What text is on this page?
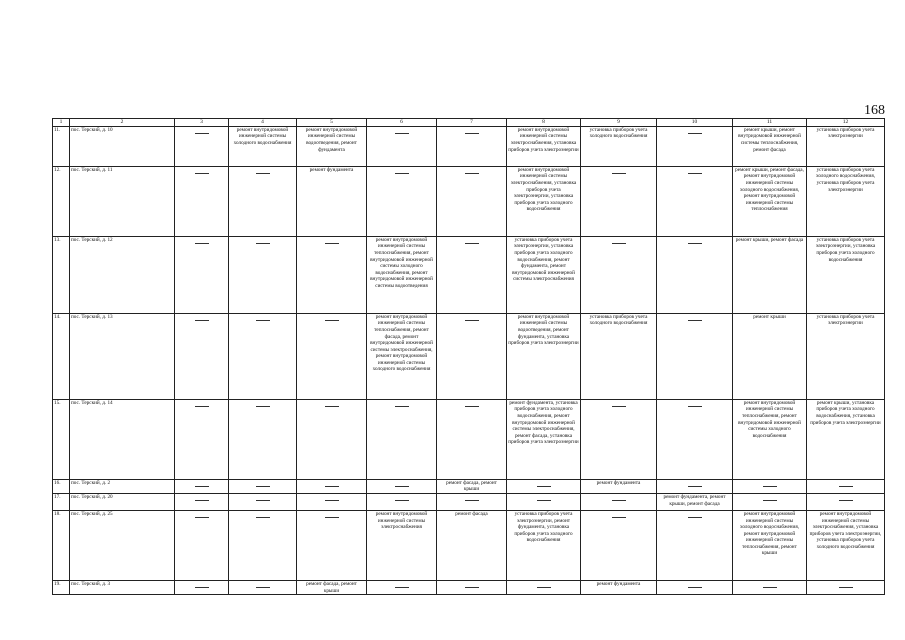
168
1	2	3	4	5	6	7	8	9	10	11	12
11.	пос. Терский, д. 10		ремонт внутридомовой инженерной системы холодного водоснабжения	ремонт внутридомовой инженерной системы водоотведения, ремонт фундамента			ремонт внутридомовой инженерной системы электроснабжения, установка приборов учета электроэнергии	установка приборов учета холодного водоснабжения		ремонт крыши, ремонт внутридомовой инженерной системы теплоснабжения, ремонт фасада	установка приборов учета электроэнергии
12.	пос. Терский, д. 11			ремонт фундамента			ремонт внутридомовой инженерной системы электроснабжения, установка приборов учета электроэнергии, установка приборов учета холодного водоснабжения			ремонт крыши, ремонт фасада, ремонт внутридомовой инженерной системы холодного водоснабжения, ремонт внутридомовой инженерной системы теплоснабжения	установка приборов учета холодного водоснабжения, установка приборов учета электроэнергии
13.	пос. Терский, д. 12				ремонт внутридомовой инженерной системы теплоснабжения, ремонт внутридомовой инженерной системы холодного водоснабжения, ремонт внутридомовой инженерной системы водоотведения		установка приборов учета электроэнергии, установка приборов учета холодного водоснабжения, ремонт фундамента, ремонт внутридомовой инженерной системы электроснабжения			ремонт крыши, ремонт фасада	установка приборов учета электроэнергии, установка приборов учета холодного водоснабжения
14.	пос. Терский, д. 13				ремонт внутридомовой инженерной системы теплоснабжения, ремонт фасада, ремонт внутридомовой инженерной системы электроснабжения, ремонт внутридомовой инженерной системы холодного водоснабжения		ремонт внутридомовой инженерной системы водоотведения, ремонт фундамента, установка приборов учета электроэнергии	установка приборов учета холодного водоснабжения		ремонт крыши	установка приборов учета электроэнергии
15.	пос. Терский, д. 14						ремонт фундамента, установка приборов учета холодного водоснабжения, ремонт внутридомовой инженерной системы электроснабжения, ремонт фасада, установка приборов учета электроэнергии			ремонт внутридомовой инженерной системы теплоснабжения, ремонт внутридомовой инженерной системы холодного водоснабжения	ремонт крыши, установка приборов учета холодного водоснабжения, установка приборов учета электроэнергии
16.	пос. Терский, д. 2					ремонт фасада, ремонт крыши		ремонт фундамента			
17.	пос. Терский, д. 20								ремонт фундамента, ремонт крыши, ремонт фасада		
18.	пос. Терский, д. 25				ремонт внутридомовой инженерной системы электроснабжения	ремонт фасада	установка приборов учета электроэнергии, ремонт фундамента, установка приборов учета холодного водоснабжения			ремонт внутридомовой инженерной системы холодного водоснабжения, ремонт внутридомовой инженерной системы теплоснабжения, ремонт крыши	ремонт внутридомовой инженерной системы электроснабжения, установка приборов учета электроэнергии, установка приборов учета холодного водоснабжения
19.	пос. Терский, д. 3			ремонт фасада, ремонт крыши				ремонт фундамента			
